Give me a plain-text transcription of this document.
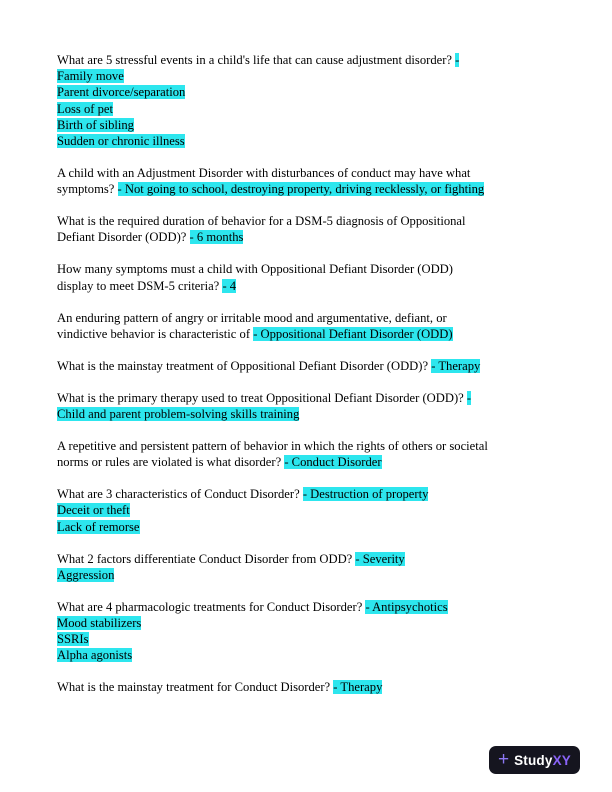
What are 5 stressful events in a child's life that can cause adjustment disorder? -
Family move
Parent divorce/separation
Loss of pet
Birth of sibling
Sudden or chronic illness
A child with an Adjustment Disorder with disturbances of conduct may have what
symptoms? - Not going to school, destroying property, driving recklessly, or fighting
What is the required duration of behavior for a DSM-5 diagnosis of Oppositional
Defiant Disorder (ODD)? - 6 months
How many symptoms must a child with Oppositional Defiant Disorder (ODD)
display to meet DSM-5 criteria? - 4
An enduring pattern of angry or irritable mood and argumentative, defiant, or
vindictive behavior is characteristic of - Oppositional Defiant Disorder (ODD)
What is the mainstay treatment of Oppositional Defiant Disorder (ODD)? - Therapy
What is the primary therapy used to treat Oppositional Defiant Disorder (ODD)? -
Child and parent problem-solving skills training
A repetitive and persistent pattern of behavior in which the rights of others or societal
norms or rules are violated is what disorder? - Conduct Disorder
What are 3 characteristics of Conduct Disorder? - Destruction of property
Deceit or theft
Lack of remorse
What 2 factors differentiate Conduct Disorder from ODD? - Severity
Aggression
What are 4 pharmacologic treatments for Conduct Disorder? - Antipsychotics
Mood stabilizers
SSRIs
Alpha agonists
What is the mainstay treatment for Conduct Disorder? - Therapy
+ StudyXY
